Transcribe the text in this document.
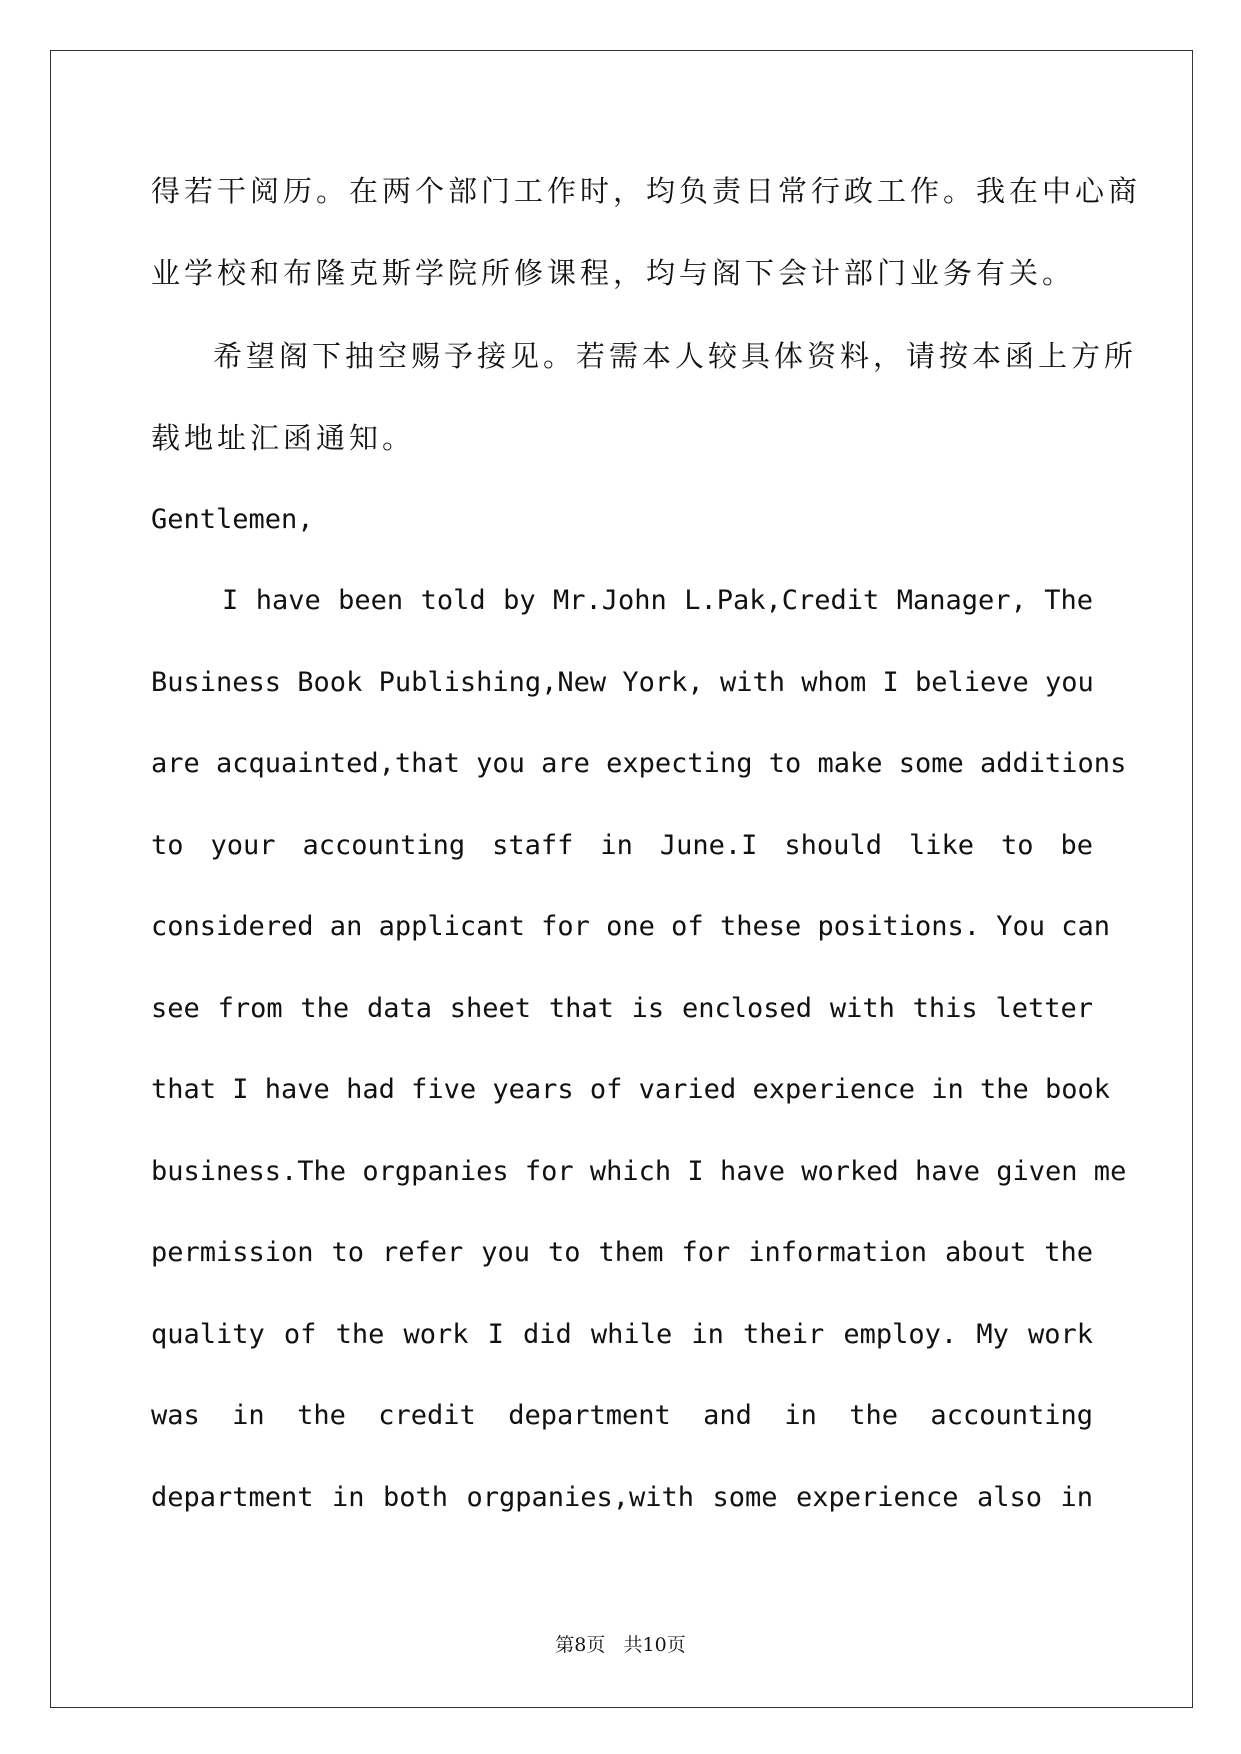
得若干阅历。在两个部门工作时，均负责日常行政工作。我在中心商
业学校和布隆克斯学院所修课程，均与阁下会计部门业务有关。
希望阁下抽空赐予接见。若需本人较具体资料，请按本函上方所
载地址汇函通知。
Gentlemen,
I have been told by Mr.John L.Pak,Credit Manager, The
Business Book Publishing,New York, with whom I believe you
are acquainted,that you are expecting to make some additions
to your accounting staff in June.I should like to be
considered an applicant for one of these positions. You can
see from the data sheet that is enclosed with this letter
that I have had five years of varied experience in the book
business.The orgpanies for which I have worked have given me
permission to refer you to them for information about the
quality of the work I did while in their employ. My work
was in the credit department and in the accounting
department in both orgpanies,with some experience also in
第8页 共10页
